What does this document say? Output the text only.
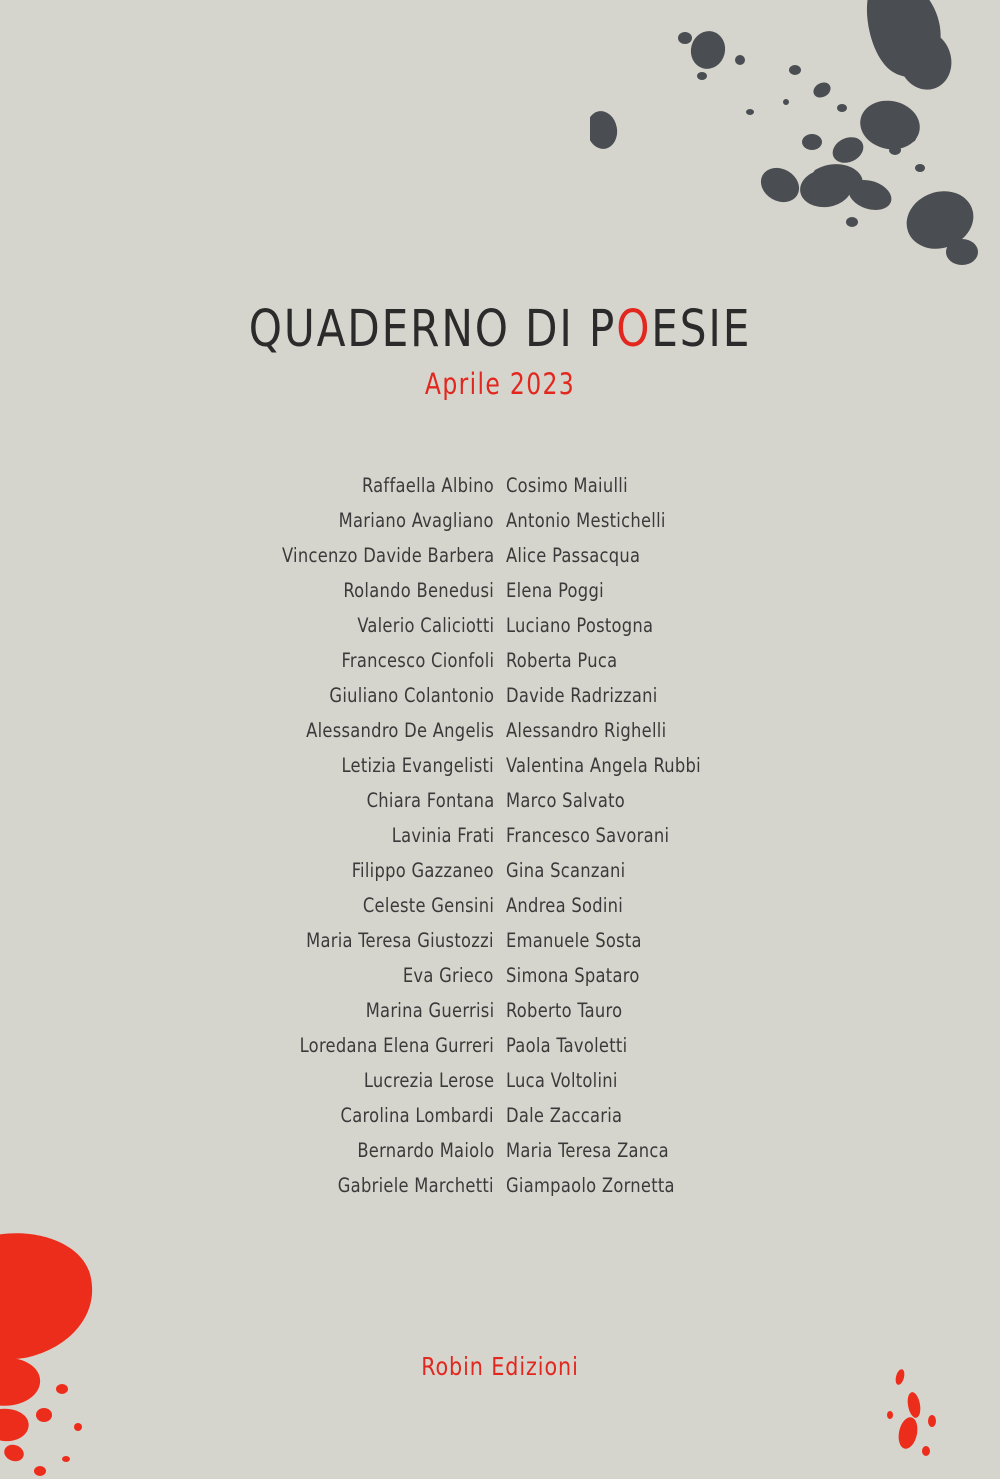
QUADERNO DI POESIE
Aprile 2023
Raffaella Albino
Mariano Avagliano
Vincenzo Davide Barbera
Rolando Benedusi
Valerio Caliciotti
Francesco Cionfoli
Giuliano Colantonio
Alessandro De Angelis
Letizia Evangelisti
Chiara Fontana
Lavinia Frati
Filippo Gazzaneo
Celeste Gensini
Maria Teresa Giustozzi
Eva Grieco
Marina Guerrisi
Loredana Elena Gurreri
Lucrezia Lerose
Carolina Lombardi
Bernardo Maiolo
Gabriele Marchetti
Cosimo Maiulli
Antonio Mestichelli
Alice Passacqua
Elena Poggi
Luciano Postogna
Roberta Puca
Davide Radrizzani
Alessandro Righelli
Valentina Angela Rubbi
Marco Salvato
Francesco Savorani
Gina Scanzani
Andrea Sodini
Emanuele Sosta
Simona Spataro
Roberto Tauro
Paola Tavoletti
Luca Voltolini
Dale Zaccaria
Maria Teresa Zanca
Giampaolo Zornetta
Robin Edizioni
